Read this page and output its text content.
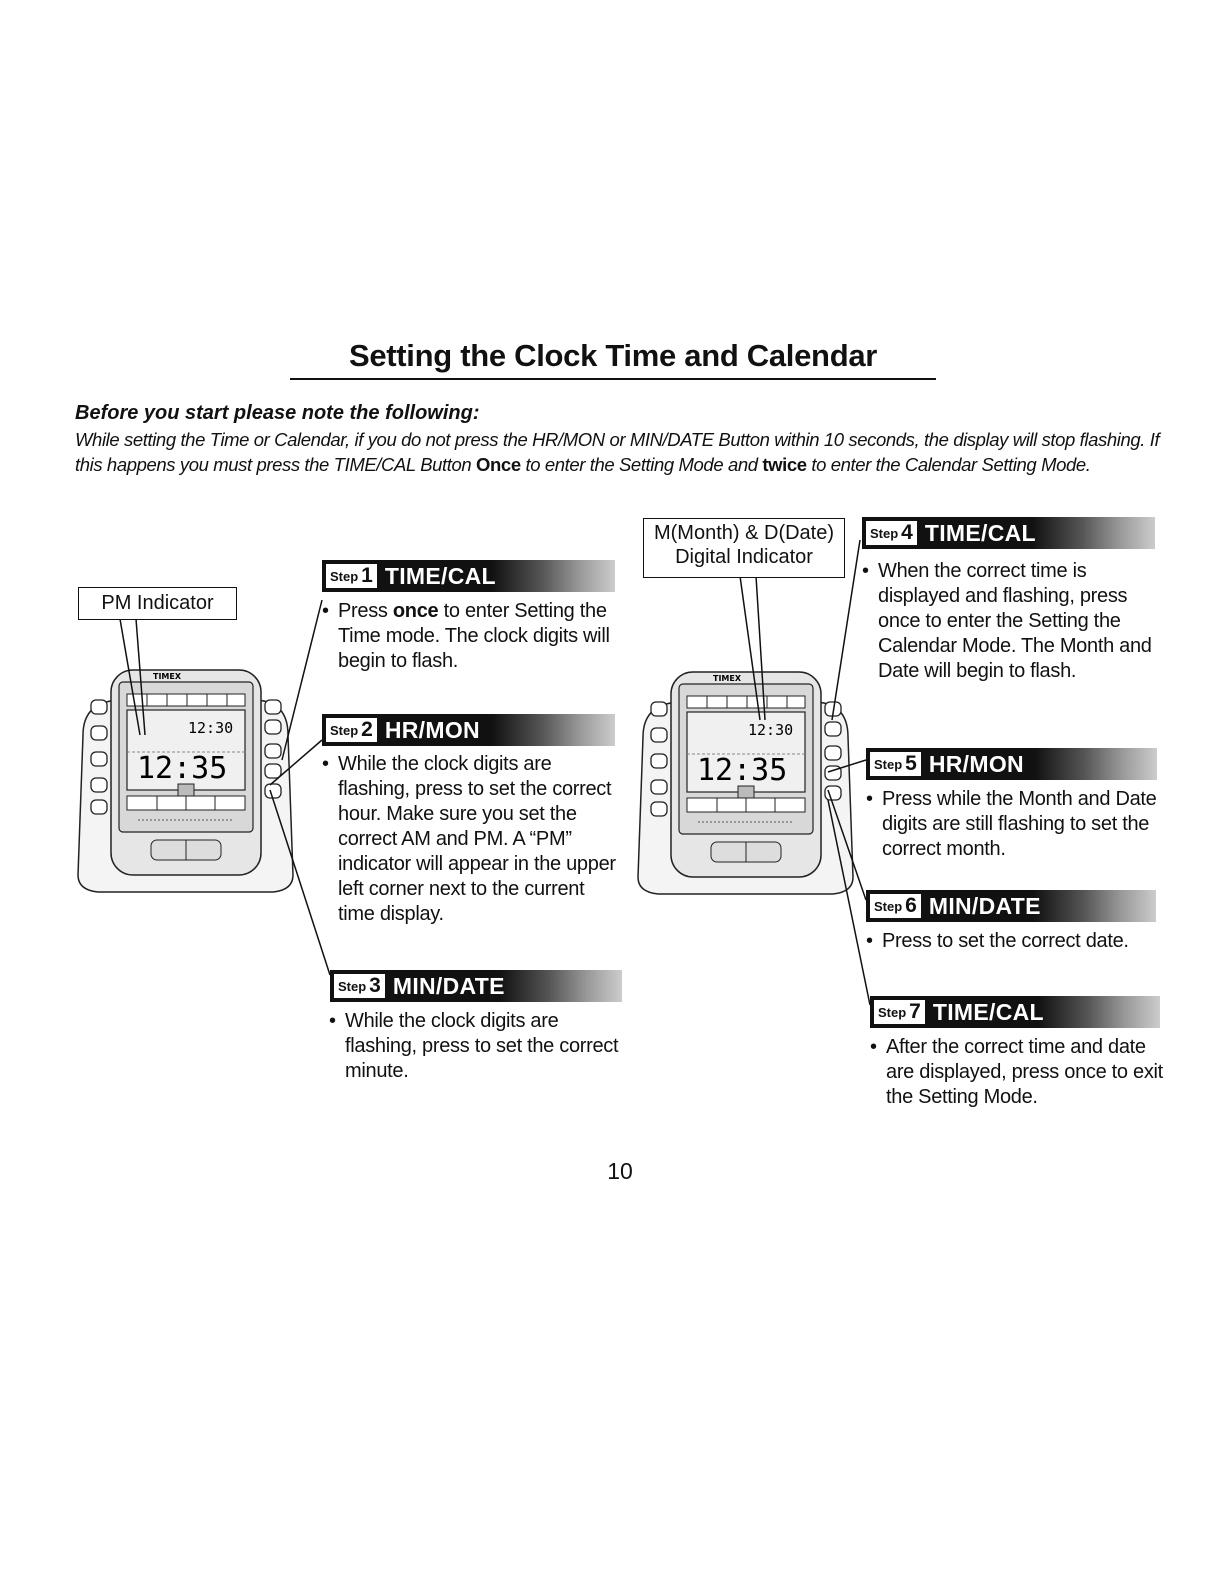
Setting the Clock Time and Calendar
Before you start please note the following:
While setting the Time or Calendar, if you do not press the HR/MON or MIN/DATE Button within 10 seconds, the display will stop flashing. If this happens you must press the TIME/CAL Button Once to enter the Setting Mode and twice to enter the Calendar Setting Mode.
TIMEX
12:30
12:35
TIMEX
12:30
12:35
PM Indicator
M(Month) & D(Date)
Digital Indicator
Step 1 TIME/CAL
• Press once to enter Setting the Time mode. The clock digits will begin to flash.
Step 2 HR/MON
• While the clock digits are flashing, press to set the correct hour. Make sure you set the correct AM and PM. A “PM” indicator will appear in the upper left corner next to the current time display.
Step 3 MIN/DATE
• While the clock digits are flashing, press to set the correct minute.
Step 4 TIME/CAL
• When the correct time is displayed and flashing, press once to enter the Setting the Calendar Mode. The Month and Date will begin to flash.
Step 5 HR/MON
• Press while the Month and Date digits are still flashing to set the correct month.
Step 6 MIN/DATE
• Press to set the correct date.
Step 7 TIME/CAL
• After the correct time and date are displayed, press once to exit the Setting Mode.
10
